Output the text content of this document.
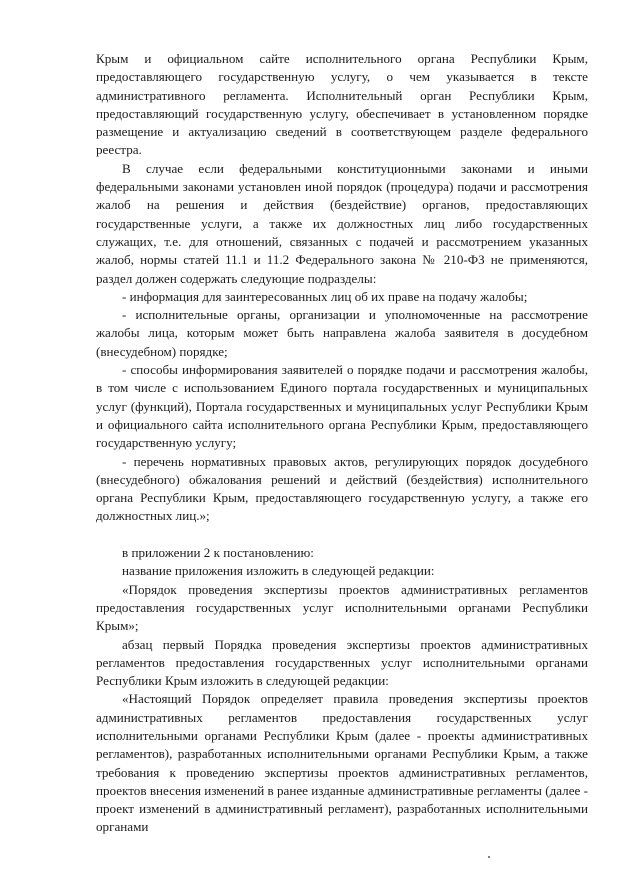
Крым и официальном сайте исполнительного органа Республики Крым, предоставляющего государственную услугу, о чем указывается в тексте административного регламента. Исполнительный орган Республики Крым, предоставляющий государственную услугу, обеспечивает в установленном порядке размещение и актуализацию сведений в соответствующем разделе федерального реестра.

В случае если федеральными конституционными законами и иными федеральными законами установлен иной порядок (процедура) подачи и рассмотрения жалоб на решения и действия (бездействие) органов, предоставляющих государственные услуги, а также их должностных лиц либо государственных служащих, т.е. для отношений, связанных с подачей и рассмотрением указанных жалоб, нормы статей 11.1 и 11.2 Федерального закона № 210-ФЗ не применяются, раздел должен содержать следующие подразделы:

- информация для заинтересованных лиц об их праве на подачу жалобы;

- исполнительные органы, организации и уполномоченные на рассмотрение жалобы лица, которым может быть направлена жалоба заявителя в досудебном (внесудебном) порядке;

- способы информирования заявителей о порядке подачи и рассмотрения жалобы, в том числе с использованием Единого портала государственных и муниципальных услуг (функций), Портала государственных и муниципальных услуг Республики Крым и официального сайта исполнительного органа Республики Крым, предоставляющего государственную услугу;

- перечень нормативных правовых актов, регулирующих порядок досудебного (внесудебного) обжалования решений и действий (бездействия) исполнительного органа Республики Крым, предоставляющего государственную услугу, а также его должностных лиц.»;

в приложении 2 к постановлению:

название приложения изложить в следующей редакции:

«Порядок проведения экспертизы проектов административных регламентов предоставления государственных услуг исполнительными органами Республики Крым»;

абзац первый Порядка проведения экспертизы проектов административных регламентов предоставления государственных услуг исполнительными органами Республики Крым изложить в следующей редакции:

«Настоящий Порядок определяет правила проведения экспертизы проектов административных регламентов предоставления государственных услуг исполнительными органами Республики Крым (далее - проекты административных регламентов), разработанных исполнительными органами Республики Крым, а также требования к проведению экспертизы проектов административных регламентов, проектов внесения изменений в ранее изданные административные регламенты (далее - проект изменений в административный регламент), разработанных исполнительными органами
